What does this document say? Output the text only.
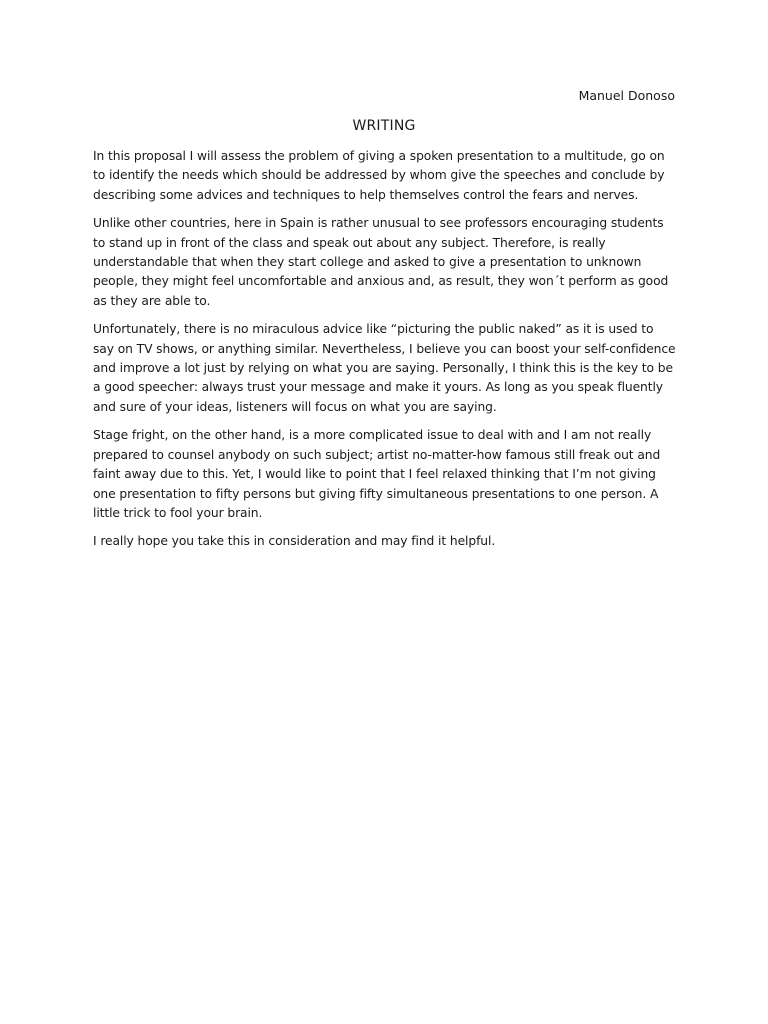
Manuel Donoso
WRITING

In this proposal I will assess the problem of giving a spoken presentation to a multitude, go on to identify the needs which should be addressed by whom give the speeches and conclude by describing some advices and techniques to help themselves control the fears and nerves.

Unlike other countries, here in Spain is rather unusual to see professors encouraging students to stand up in front of the class and speak out about any subject. Therefore, is really understandable that when they start college and asked to give a presentation to unknown people, they might feel uncomfortable and anxious and, as result, they won´t perform as good as they are able to.

Unfortunately, there is no miraculous advice like “picturing the public naked” as it is used to say on TV shows, or anything similar. Nevertheless, I believe you can boost your self-confidence and improve a lot just by relying on what you are saying. Personally, I think this is the key to be a good speecher: always trust your message and make it yours. As long as you speak fluently and sure of your ideas, listeners will focus on what you are saying.

Stage fright, on the other hand, is a more complicated issue to deal with and I am not really prepared to counsel anybody on such subject; artist no-matter-how famous still freak out and faint away due to this. Yet, I would like to point that I feel relaxed thinking that I’m not giving one presentation to fifty persons but giving fifty simultaneous presentations to one person. A little trick to fool your brain.

I really hope you take this in consideration and may find it helpful.
